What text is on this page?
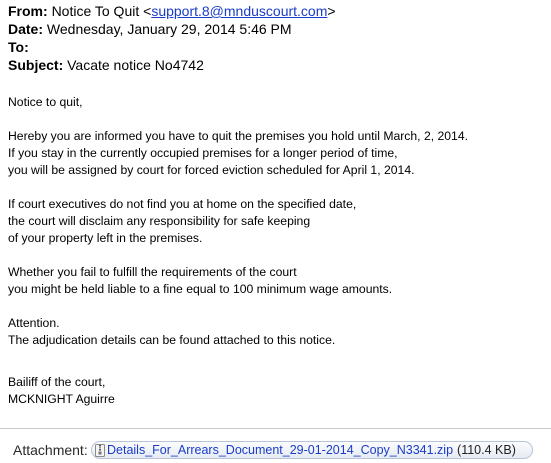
From: Notice To Quit <support.8@mnduscourt.com>
Date: Wednesday, January 29, 2014 5:46 PM
To:
Subject: Vacate notice No4742
Notice to quit,
Hereby you are informed you have to quit the premises you hold until March, 2, 2014.
If you stay in the currently occupied premises for a longer period of time,
you will be assigned by court for forced eviction scheduled for April 1, 2014.
If court executives do not find you at home on the specified date,
the court will disclaim any responsibility for safe keeping
of your property left in the premises.
Whether you fail to fulfill the requirements of the court
you might be held liable to a fine equal to 100 minimum wage amounts.
Attention.
The adjudication details can be found attached to this notice.
Bailiff of the court,
MCKNIGHT Aguirre
Attachment: Details_For_Arrears_Document_29-01-2014_Copy_N3341.zip (110.4 KB)
